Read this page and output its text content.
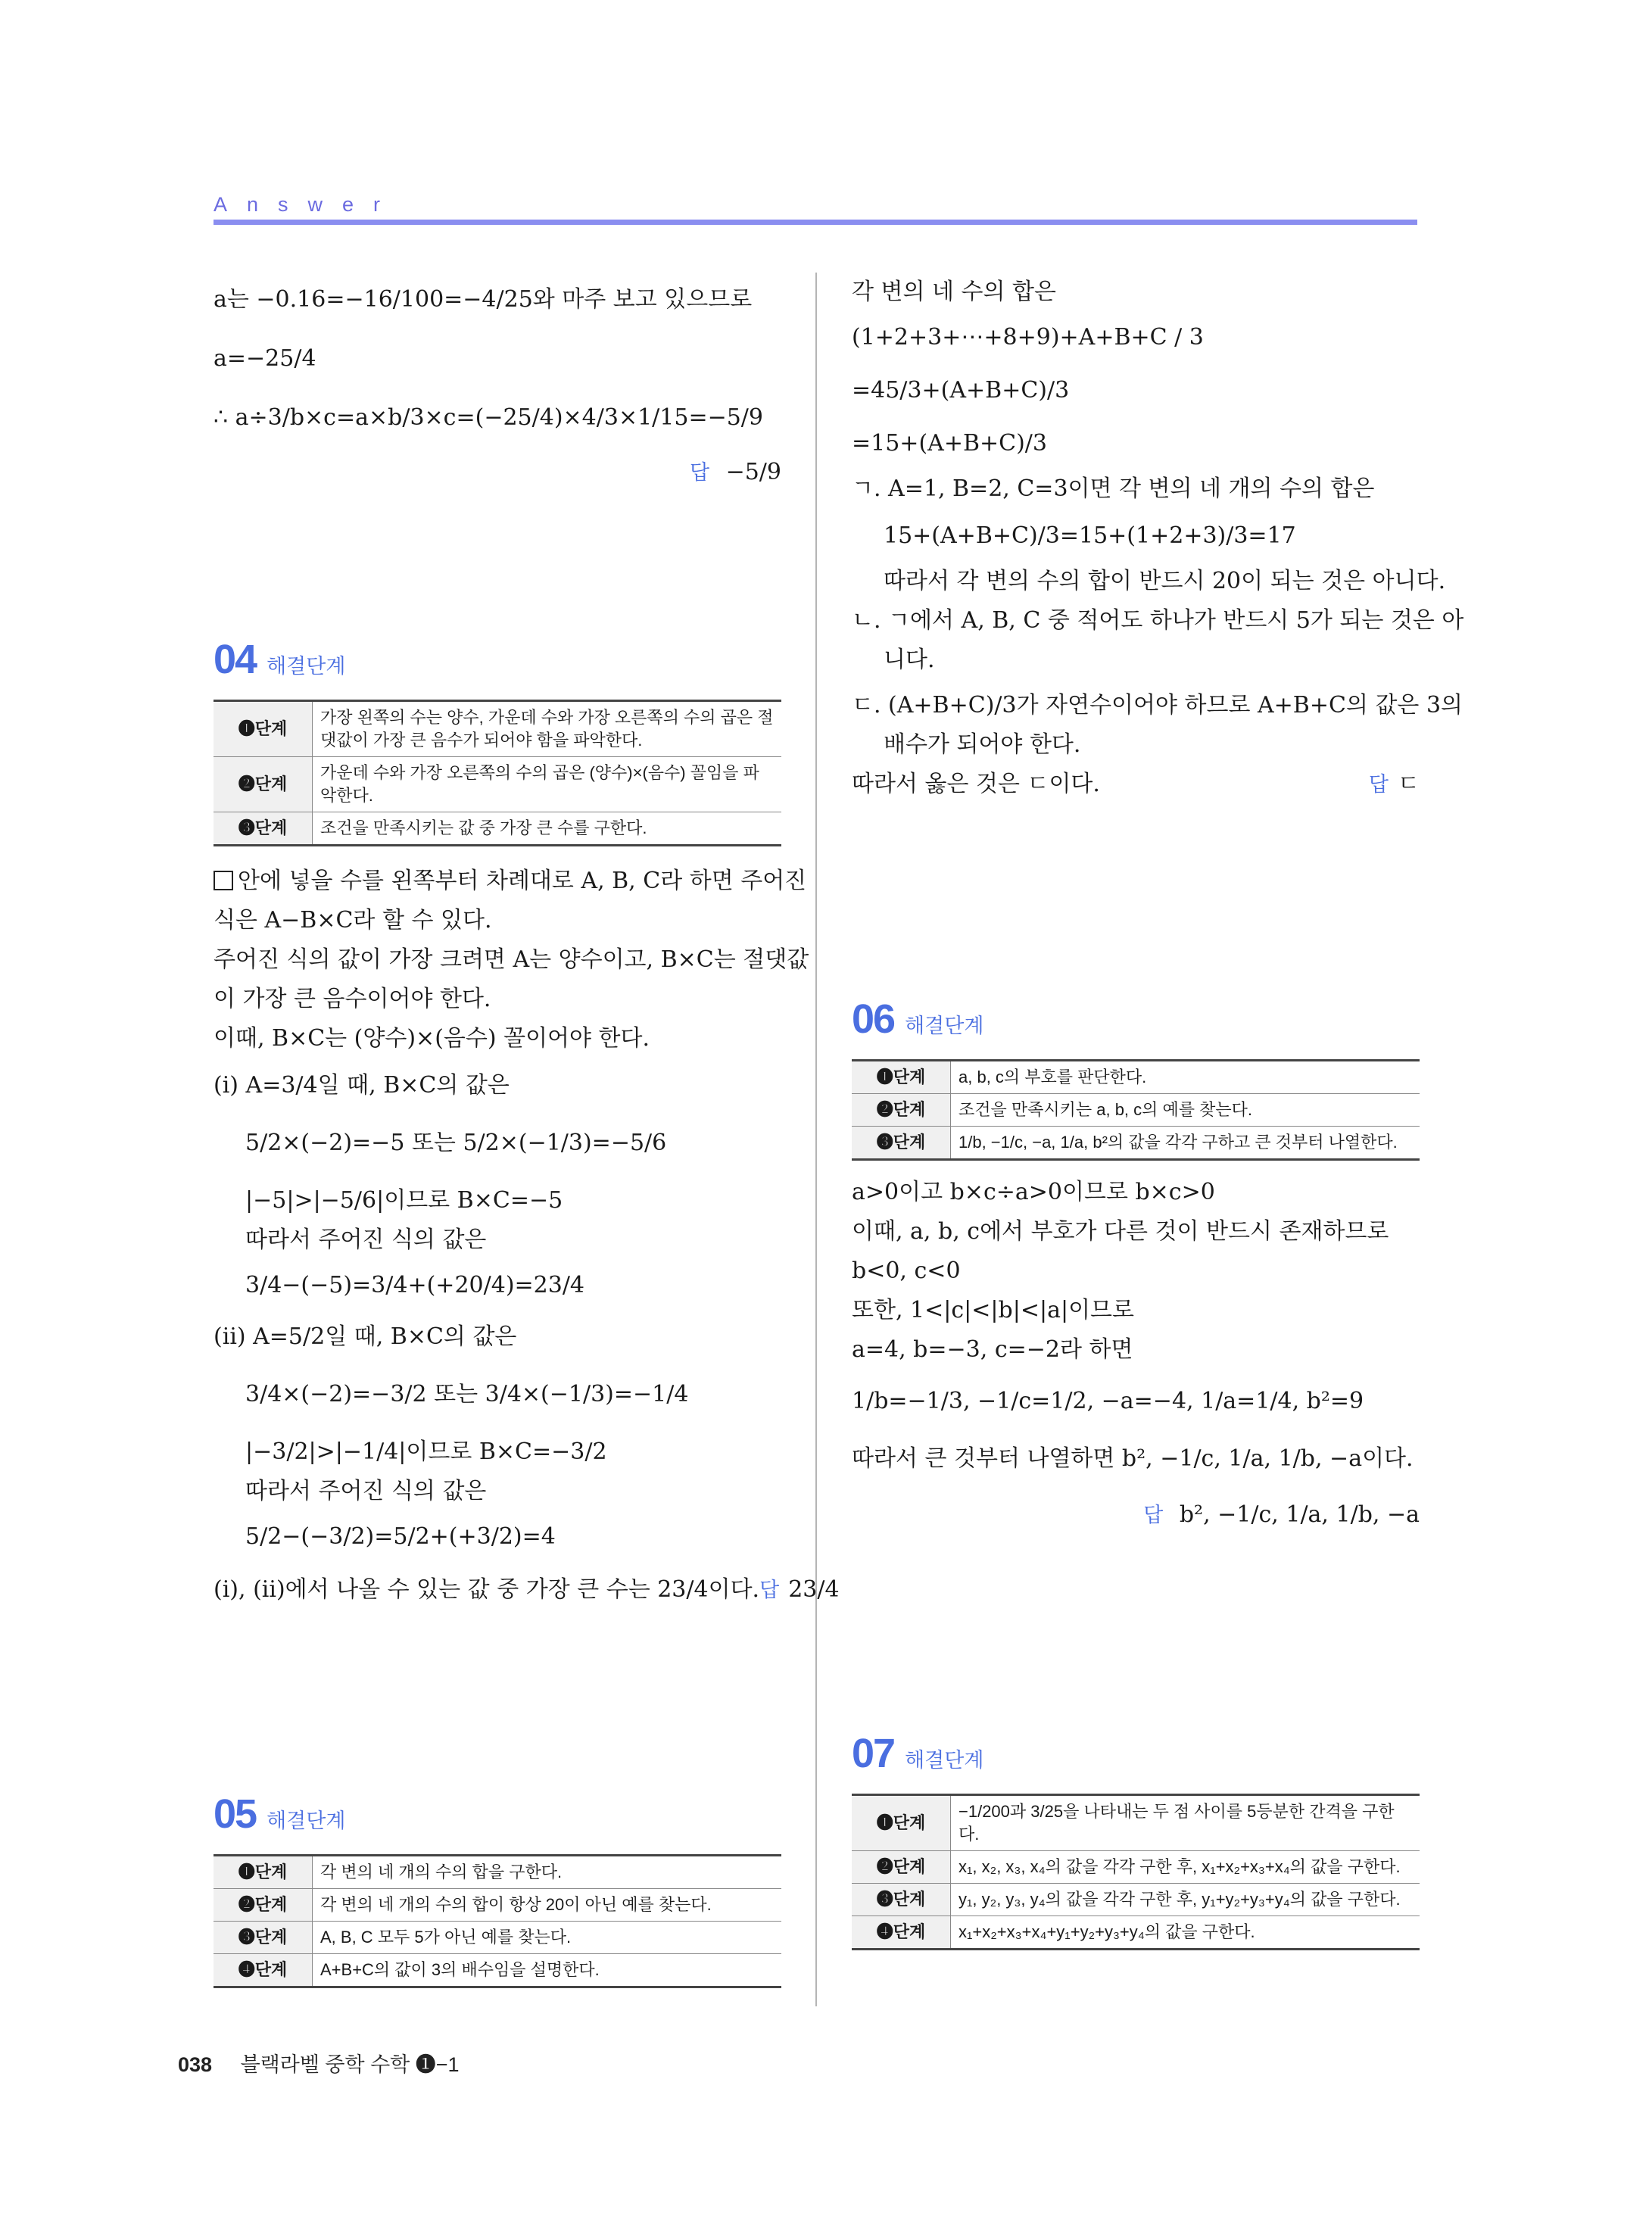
Answer

a는 −0.16=−16/100=−4/25와 마주 보고 있으므로

a=−25/4

∴ a÷3/b×c=a×b/3×c=(−25/4)×4/3×1/15=−5/9

답 −5/9

04 해결단계
❶단계	가장 왼쪽의 수는 양수, 가운데 수와 가장 오른쪽의 수의 곱은 절댓값이 가장 큰 음수가 되어야 함을 파악한다.
❷단계	가운데 수와 가장 오른쪽의 수의 곱은 (양수)×(음수) 꼴임을 파악한다.
❸단계	조건을 만족시키는 값 중 가장 큰 수를 구한다.

안에 넣을 수를 왼쪽부터 차례대로 A, B, C라 하면 주어진

식은 A−B×C라 할 수 있다.

주어진 식의 값이 가장 크려면 A는 양수이고, B×C는 절댓값

이 가장 큰 음수이어야 한다.

이때, B×C는 (양수)×(음수) 꼴이어야 한다.

(ⅰ) A=3/4일 때, B×C의 값은

5/2×(−2)=−5 또는 5/2×(−1/3)=−5/6

|−5|>|−5/6|이므로 B×C=−5

따라서 주어진 식의 값은

3/4−(−5)=3/4+(+20/4)=23/4

(ⅱ) A=5/2일 때, B×C의 값은

3/4×(−2)=−3/2 또는 3/4×(−1/3)=−1/4

|−3/2|>|−1/4|이므로 B×C=−3/2

따라서 주어진 식의 값은

5/2−(−3/2)=5/2+(+3/2)=4

(ⅰ), (ⅱ)에서 나올 수 있는 값 중 가장 큰 수는 23/4이다. 답 23/4

05 해결단계
❶단계	각 변의 네 개의 수의 합을 구한다.
❷단계	각 변의 네 개의 수의 합이 항상 20이 아닌 예를 찾는다.
❸단계	A, B, C 모두 5가 아닌 예를 찾는다.
❹단계	A+B+C의 값이 3의 배수임을 설명한다.

각 변의 네 수의 합은

(1+2+3+⋯+8+9)+A+B+C / 3

=45/3+(A+B+C)/3

=15+(A+B+C)/3

ㄱ. A=1, B=2, C=3이면 각 변의 네 개의 수의 합은

15+(A+B+C)/3=15+(1+2+3)/3=17

따라서 각 변의 수의 합이 반드시 20이 되는 것은 아니다.

ㄴ. ㄱ에서 A, B, C 중 적어도 하나가 반드시 5가 되는 것은 아

니다.

ㄷ. (A+B+C)/3가 자연수이어야 하므로 A+B+C의 값은 3의

배수가 되어야 한다.

따라서 옳은 것은 ㄷ이다.	답 ㄷ

06 해결단계
❶단계	a, b, c의 부호를 판단한다.
❷단계	조건을 만족시키는 a, b, c의 예를 찾는다.
❸단계	1/b, −1/c, −a, 1/a, b²의 값을 각각 구하고 큰 것부터 나열한다.

a>0이고 b×c÷a>0이므로 b×c>0

이때, a, b, c에서 부호가 다른 것이 반드시 존재하므로

b<0, c<0

또한, 1<|c|<|b|<|a|이므로

a=4, b=−3, c=−2라 하면

1/b=−1/3, −1/c=1/2, −a=−4, 1/a=1/4, b²=9

따라서 큰 것부터 나열하면 b², −1/c, 1/a, 1/b, −a이다.

답 b², −1/c, 1/a, 1/b, −a

07 해결단계
❶단계	−1/200과 3/25을 나타내는 두 점 사이를 5등분한 간격을 구한다.
❷단계	x₁, x₂, x₃, x₄의 값을 각각 구한 후, x₁+x₂+x₃+x₄의 값을 구한다.
❸단계	y₁, y₂, y₃, y₄의 값을 각각 구한 후, y₁+y₂+y₃+y₄의 값을 구한다.
❹단계	x₁+x₂+x₃+x₄+y₁+y₂+y₃+y₄의 값을 구한다.
038 블랙라벨 중학 수학 ❶−1
